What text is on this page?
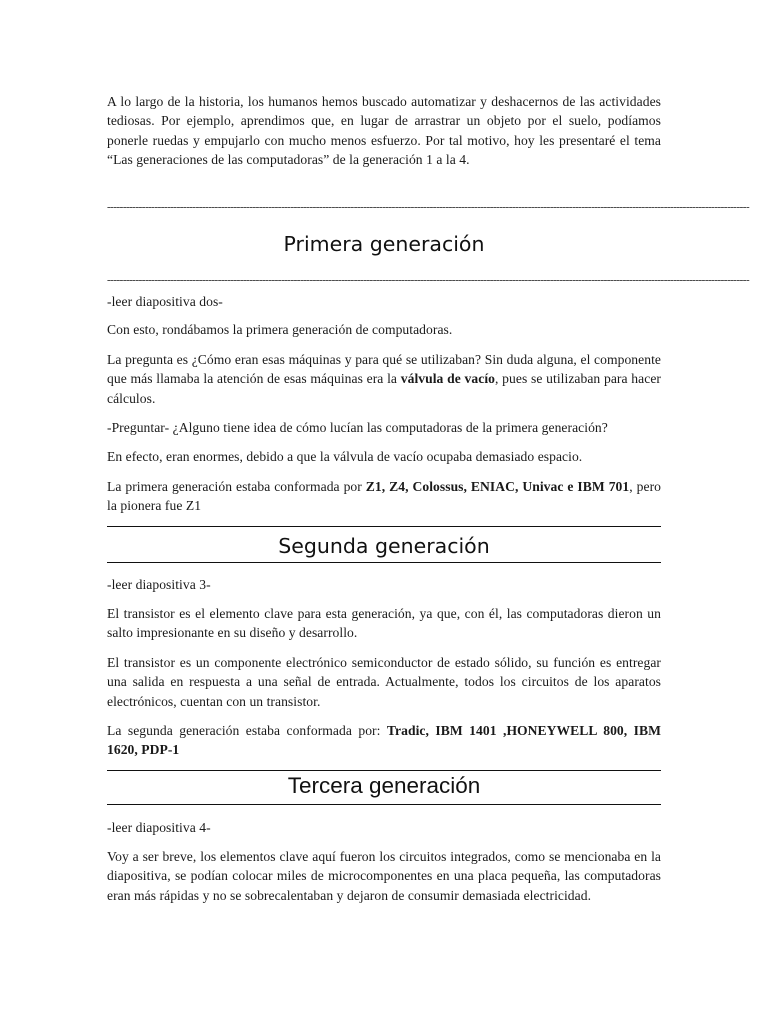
A lo largo de la historia, los humanos hemos buscado automatizar y deshacernos de las actividades tediosas. Por ejemplo, aprendimos que, en lugar de arrastrar un objeto por el suelo, podíamos ponerle ruedas y empujarlo con mucho menos esfuerzo. Por tal motivo, hoy les presentaré el tema “Las generaciones de las computadoras” de la generación 1 a la 4.

-----------------------------------------------------------------------------------------------------------------------------------------------------------------------------------------------------------
Primera generación
-----------------------------------------------------------------------------------------------------------------------------------------------------------------------------------------------------------

-leer diapositiva dos-

Con esto, rondábamos la primera generación de computadoras.

La pregunta es ¿Cómo eran esas máquinas y para qué se utilizaban? Sin duda alguna, el componente que más llamaba la atención de esas máquinas era la válvula de vacío, pues se utilizaban para hacer cálculos.

-Preguntar- ¿Alguno tiene idea de cómo lucían las computadoras de la primera generación?

En efecto, eran enormes, debido a que la válvula de vacío ocupaba demasiado espacio.

La primera generación estaba conformada por Z1, Z4, Colossus, ENIAC, Univac e IBM 701, pero la pionera fue Z1

Segunda generación

-leer diapositiva 3-

El transistor es el elemento clave para esta generación, ya que, con él, las computadoras dieron un salto impresionante en su diseño y desarrollo.

El transistor es un componente electrónico semiconductor de estado sólido, su función es entregar una salida en respuesta a una señal de entrada. Actualmente, todos los circuitos de los aparatos electrónicos, cuentan con un transistor.

La segunda generación estaba conformada por: Tradic, IBM 1401 ,HONEYWELL 800, IBM 1620, PDP-1

Tercera generación

-leer diapositiva 4-

Voy a ser breve, los elementos clave aquí fueron los circuitos integrados, como se mencionaba en la diapositiva, se podían colocar miles de microcomponentes en una placa pequeña, las computadoras eran más rápidas y no se sobrecalentaban y dejaron de consumir demasiada electricidad.
